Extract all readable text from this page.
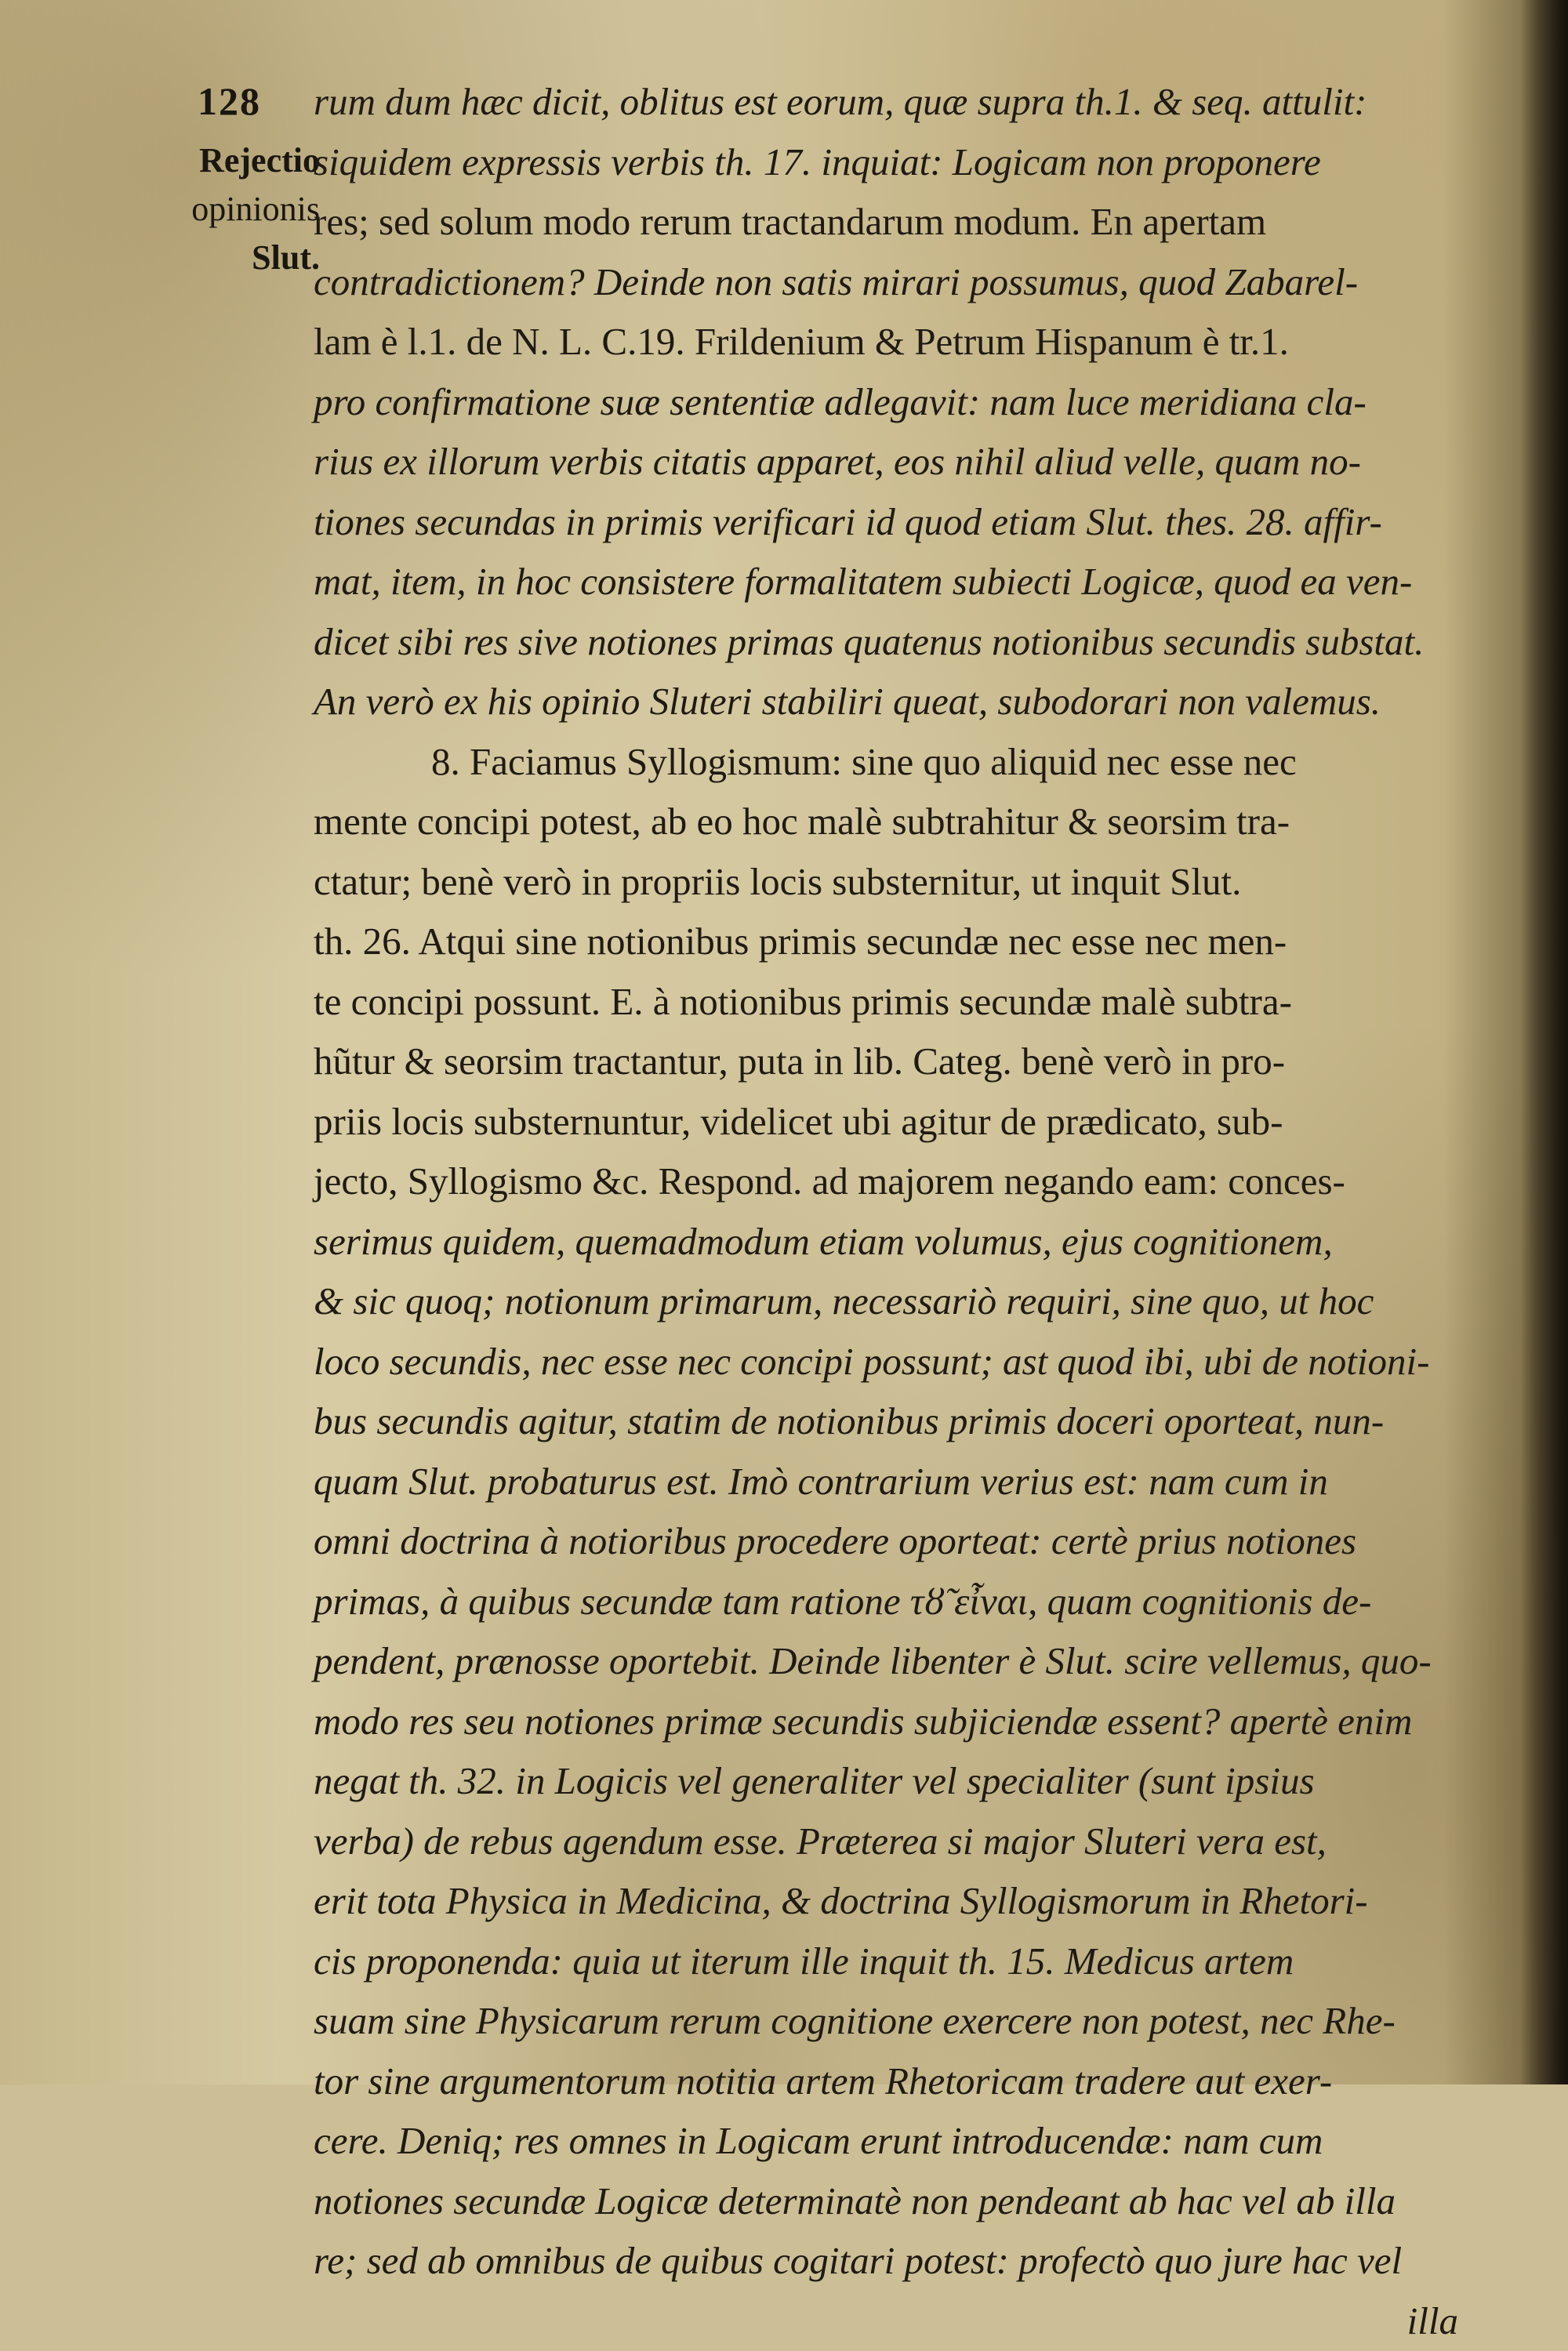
128
Rejectio
opinionis
Slut.
rum dum hæc dicit, oblitus est eorum, quæ supra th.1. & seq. attulit:
siquidem expressis verbis th. 17. inquiat: Logicam non proponere
res; sed solum modo rerum tractandarum modum. En apertam
contradictionem? Deinde non satis mirari possumus, quod Zabarel-
lam è l.1. de N. L. C.19. Frildenium & Petrum Hispanum è tr.1.
pro confirmatione suæ sententiæ adlegavit: nam luce meridiana cla-
rius ex illorum verbis citatis apparet, eos nihil aliud velle, quam no-
tiones secundas in primis verificari id quod etiam Slut. thes. 28. affir-
mat, item, in hoc consistere formalitatem subiecti Logicæ, quod ea ven-
dicet sibi res sive notiones primas quatenus notionibus secundis substat.
An verò ex his opinio Sluteri stabiliri queat, subodorari non valemus.
8. Faciamus Syllogismum: sine quo aliquid nec esse nec
mente concipi potest, ab eo hoc malè subtrahitur & seorsim tra-
ctatur; benè verò in propriis locis substernitur, ut inquit Slut.
th. 26. Atqui sine notionibus primis secundæ nec esse nec men-
te concipi possunt. E. à notionibus primis secundæ malè subtra-
hũtur & seorsim tractantur, puta in lib. Categ. benè verò in pro-
priis locis substernuntur, videlicet ubi agitur de prædicato, sub-
jecto, Syllogismo &c. Respond. ad majorem negando eam: conces-
serimus quidem, quemadmodum etiam volumus, ejus cognitionem,
& sic quoq; notionum primarum, necessariò requiri, sine quo, ut hoc
loco secundis, nec esse nec concipi possunt; ast quod ibi, ubi de notioni-
bus secundis agitur, statim de notionibus primis doceri oporteat, nun-
quam Slut. probaturus est. Imò contrarium verius est: nam cum in
omni doctrina à notioribus procedere oporteat: certè prius notiones
primas, à quibus secundæ tam ratione τȣ̃ εἶναι, quam cognitionis de-
pendent, prænosse oportebit. Deinde libenter è Slut. scire vellemus, quo-
modo res seu notiones primæ secundis subjiciendæ essent? apertè enim
negat th. 32. in Logicis vel generaliter vel specialiter (sunt ipsius
verba) de rebus agendum esse. Præterea si major Sluteri vera est,
erit tota Physica in Medicina, & doctrina Syllogismorum in Rhetori-
cis proponenda: quia ut iterum ille inquit th. 15. Medicus artem
suam sine Physicarum rerum cognitione exercere non potest, nec Rhe-
tor sine argumentorum notitia artem Rhetoricam tradere aut exer-
cere. Deniq; res omnes in Logicam erunt introducendæ: nam cum
notiones secundæ Logicæ determinatè non pendeant ab hac vel ab illa
re; sed ab omnibus de quibus cogitari potest: profectò quo jure hac vel
illa
